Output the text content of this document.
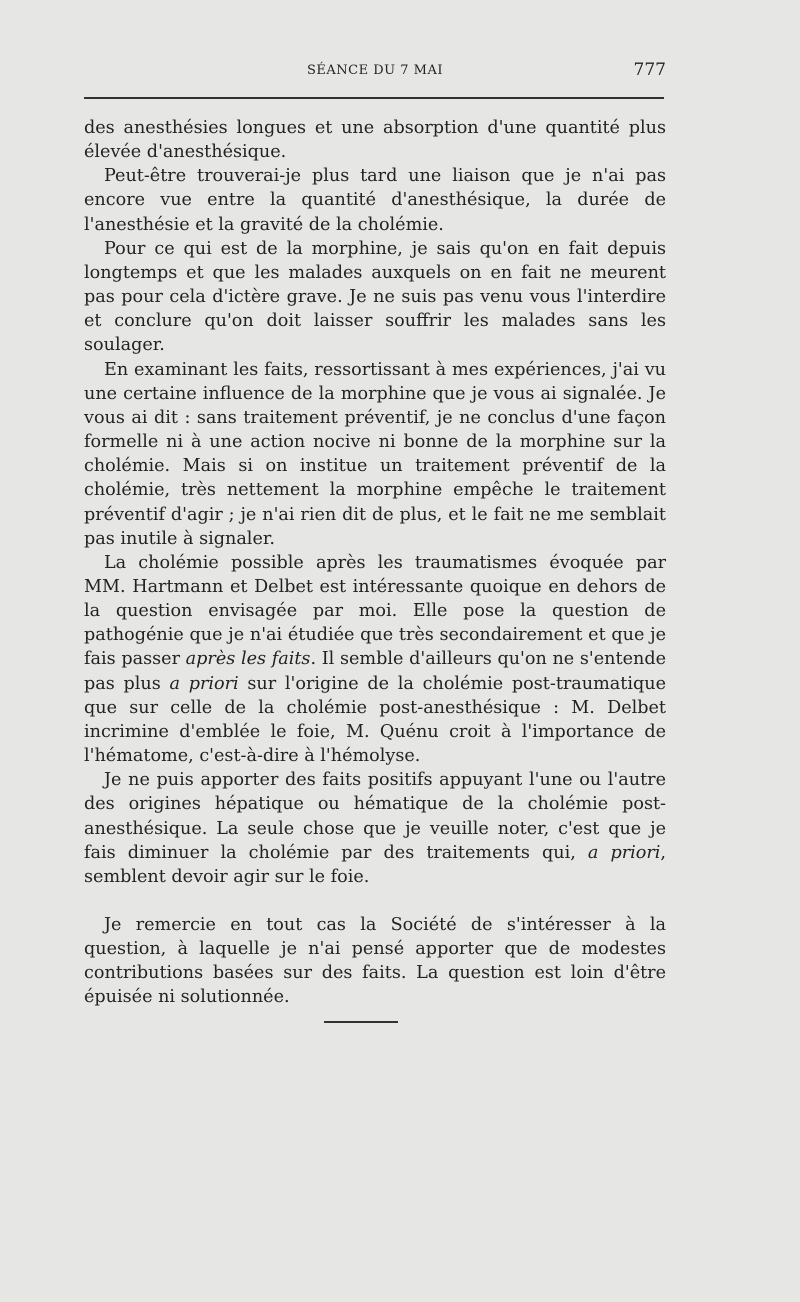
SÉANCE DU 7 MAI	777

des anesthésies longues et une absorption d'une quantité plus élevée d'anesthésique.

Peut-être trouverai-je plus tard une liaison que je n'ai pas encore vue entre la quantité d'anesthésique, la durée de l'anesthésie et la gravité de la cholémie.

Pour ce qui est de la morphine, je sais qu'on en fait depuis longtemps et que les malades auxquels on en fait ne meurent pas pour cela d'ictère grave. Je ne suis pas venu vous l'interdire et conclure qu'on doit laisser souffrir les malades sans les soulager.

En examinant les faits, ressortissant à mes expériences, j'ai vu une certaine influence de la morphine que je vous ai signalée. Je vous ai dit : sans traitement préventif, je ne conclus d'une façon formelle ni à une action nocive ni bonne de la morphine sur la cholémie. Mais si on institue un traitement préventif de la cholémie, très nettement la morphine empêche le traitement préventif d'agir ; je n'ai rien dit de plus, et le fait ne me semblait pas inutile à signaler.

La cholémie possible après les traumatismes évoquée par MM. Hartmann et Delbet est intéressante quoique en dehors de la question envisagée par moi. Elle pose la question de pathogénie que je n'ai étudiée que très secondairement et que je fais passer après les faits. Il semble d'ailleurs qu'on ne s'entende pas plus a priori sur l'origine de la cholémie post-traumatique que sur celle de la cholémie post-anesthésique : M. Delbet incrimine d'emblée le foie, M. Quénu croit à l'importance de l'hématome, c'est-à-dire à l'hémolyse.

Je ne puis apporter des faits positifs appuyant l'une ou l'autre des origines hépatique ou hématique de la cholémie post-anesthésique. La seule chose que je veuille noter, c'est que je fais diminuer la cholémie par des traitements qui, a priori, semblent devoir agir sur le foie.

Je remercie en tout cas la Société de s'intéresser à la question, à laquelle je n'ai pensé apporter que de modestes contributions basées sur des faits. La question est loin d'être épuisée ni solutionnée.
